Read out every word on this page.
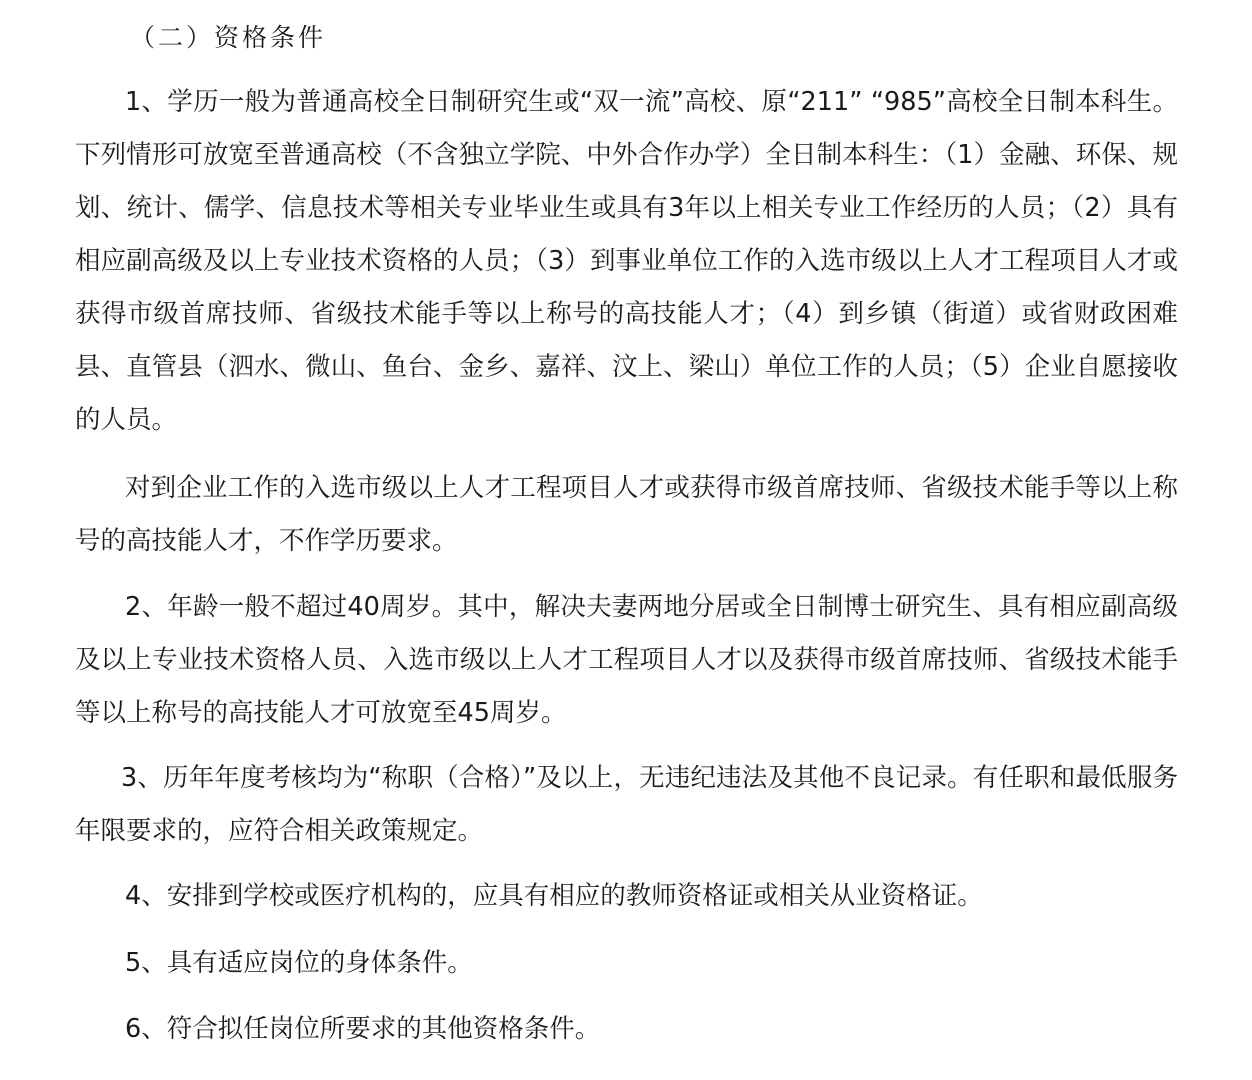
（二）资格条件

1、学历一般为普通高校全日制研究生或“双一流”高校、原“211” “985”高校全日制本科生。下列情形可放宽至普通高校（不含独立学院、中外合作办学）全日制本科生：（1）金融、环保、规划、统计、儒学、信息技术等相关专业毕业生或具有3年以上相关专业工作经历的人员；（2）具有相应副高级及以上专业技术资格的人员；（3）到事业单位工作的入选市级以上人才工程项目人才或获得市级首席技师、省级技术能手等以上称号的高技能人才；（4）到乡镇（街道）或省财政困难县、直管县（泗水、微山、鱼台、金乡、嘉祥、汶上、梁山）单位工作的人员；（5）企业自愿接收的人员。

对到企业工作的入选市级以上人才工程项目人才或获得市级首席技师、省级技术能手等以上称号的高技能人才，不作学历要求。

2、年龄一般不超过40周岁。其中，解决夫妻两地分居或全日制博士研究生、具有相应副高级及以上专业技术资格人员、入选市级以上人才工程项目人才以及获得市级首席技师、省级技术能手等以上称号的高技能人才可放宽至45周岁。

3、历年年度考核均为“称职（合格）”及以上，无违纪违法及其他不良记录。有任职和最低服务年限要求的，应符合相关政策规定。

4、安排到学校或医疗机构的，应具有相应的教师资格证或相关从业资格证。

5、具有适应岗位的身体条件。

6、符合拟任岗位所要求的其他资格条件。
